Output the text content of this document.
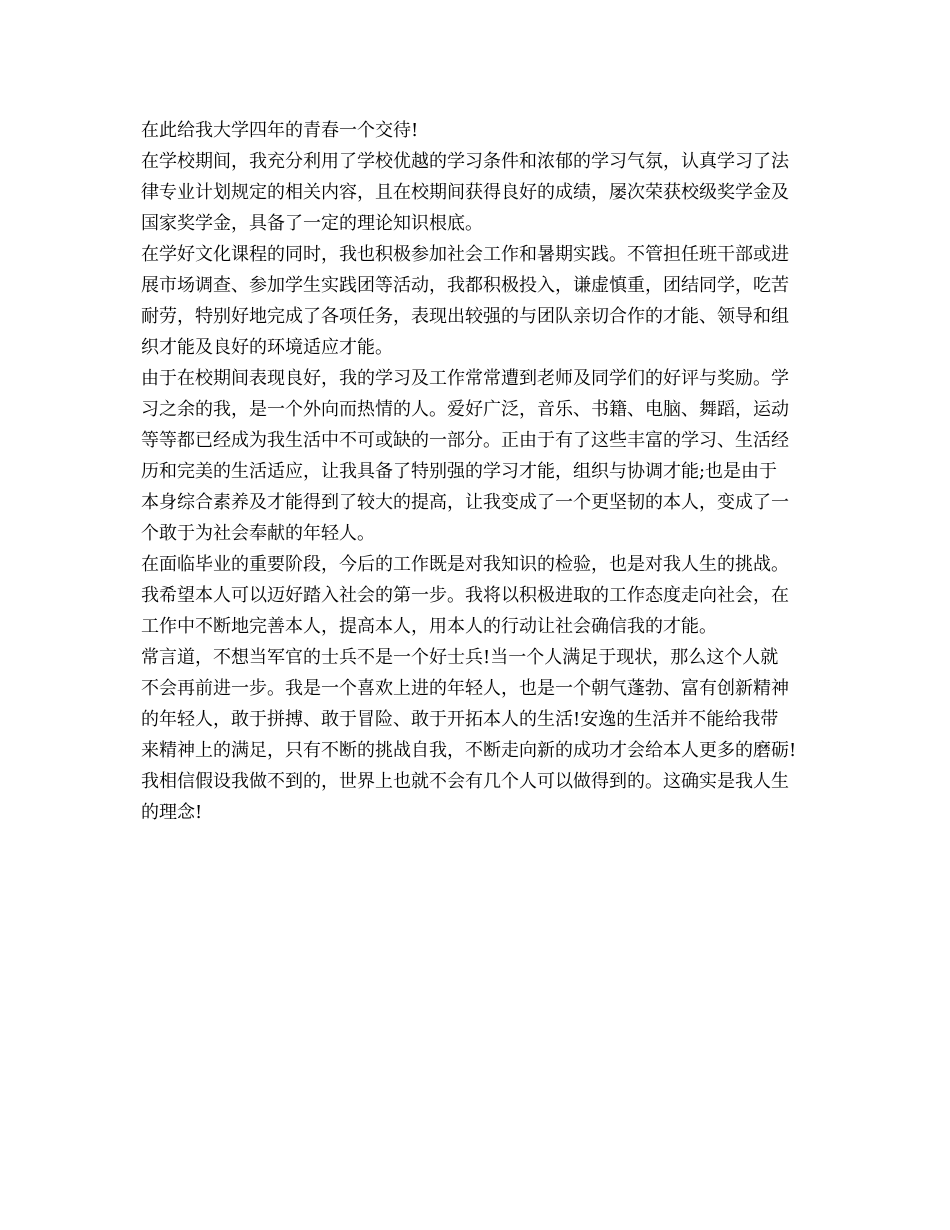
在此给我大学四年的青春一个交待!
在学校期间，我充分利用了学校优越的学习条件和浓郁的学习气氛，认真学习了法
律专业计划规定的相关内容，且在校期间获得良好的成绩，屡次荣获校级奖学金及
国家奖学金，具备了一定的理论知识根底。
在学好文化课程的同时，我也积极参加社会工作和暑期实践。不管担任班干部或进
展市场调查、参加学生实践团等活动，我都积极投入，谦虚慎重，团结同学，吃苦
耐劳，特别好地完成了各项任务，表现出较强的与团队亲切合作的才能、领导和组
织才能及良好的环境适应才能。
由于在校期间表现良好，我的学习及工作常常遭到老师及同学们的好评与奖励。学
习之余的我，是一个外向而热情的人。爱好广泛，音乐、书籍、电脑、舞蹈，运动
等等都已经成为我生活中不可或缺的一部分。正由于有了这些丰富的学习、生活经
历和完美的生活适应，让我具备了特别强的学习才能，组织与协调才能;也是由于
本身综合素养及才能得到了较大的提高，让我变成了一个更坚韧的本人，变成了一
个敢于为社会奉献的年轻人。
在面临毕业的重要阶段，今后的工作既是对我知识的检验，也是对我人生的挑战。
我希望本人可以迈好踏入社会的第一步。我将以积极进取的工作态度走向社会，在
工作中不断地完善本人，提高本人，用本人的行动让社会确信我的才能。
常言道，不想当军官的士兵不是一个好士兵!当一个人满足于现状，那么这个人就
不会再前进一步。我是一个喜欢上进的年轻人，也是一个朝气蓬勃、富有创新精神
的年轻人，敢于拼搏、敢于冒险、敢于开拓本人的生活!安逸的生活并不能给我带
来精神上的满足，只有不断的挑战自我，不断走向新的成功才会给本人更多的磨砺!
我相信假设我做不到的，世界上也就不会有几个人可以做得到的。这确实是我人生
的理念!
